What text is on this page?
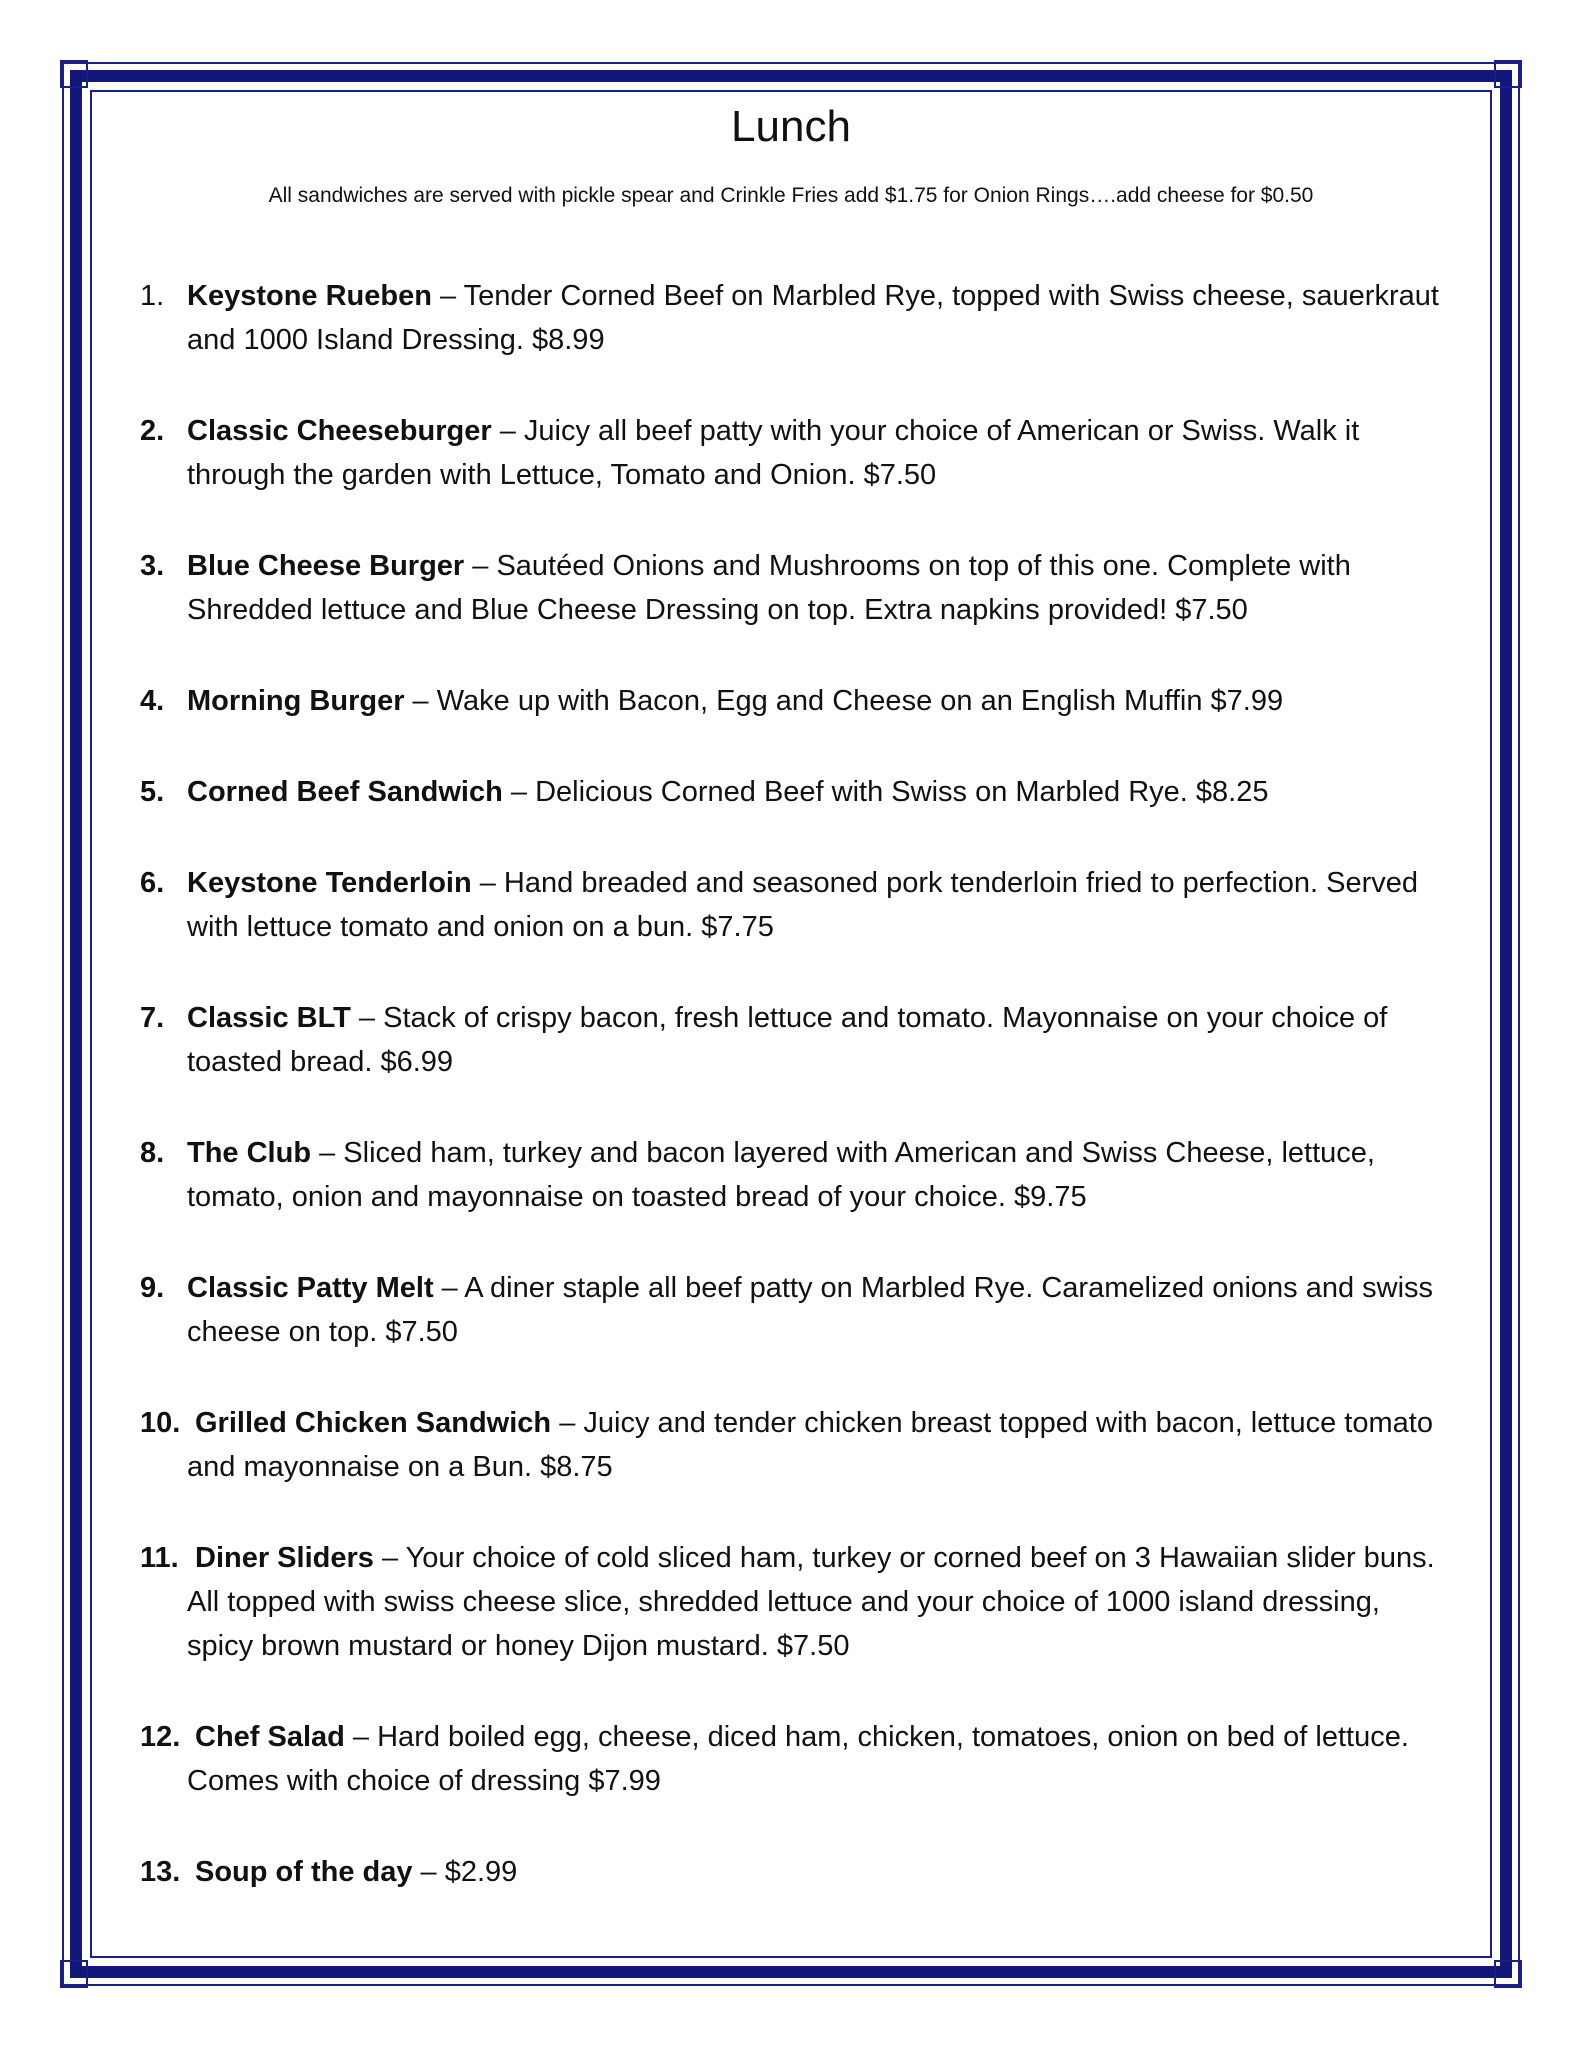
Lunch

All sandwiches are served with pickle spear and Crinkle Fries add $1.75 for Onion Rings….add cheese for $0.50

1. Keystone Rueben – Tender Corned Beef on Marbled Rye, topped with Swiss cheese, sauerkraut and 1000 Island Dressing. $8.99
2. Classic Cheeseburger – Juicy all beef patty with your choice of American or Swiss. Walk it through the garden with Lettuce, Tomato and Onion. $7.50
3. Blue Cheese Burger – Sautéed Onions and Mushrooms on top of this one. Complete with Shredded lettuce and Blue Cheese Dressing on top. Extra napkins provided! $7.50
4. Morning Burger – Wake up with Bacon, Egg and Cheese on an English Muffin $7.99
5. Corned Beef Sandwich – Delicious Corned Beef with Swiss on Marbled Rye. $8.25
6. Keystone Tenderloin – Hand breaded and seasoned pork tenderloin fried to perfection. Served with lettuce tomato and onion on a bun. $7.75
7. Classic BLT – Stack of crispy bacon, fresh lettuce and tomato. Mayonnaise on your choice of toasted bread. $6.99
8. The Club – Sliced ham, turkey and bacon layered with American and Swiss Cheese, lettuce, tomato, onion and mayonnaise on toasted bread of your choice. $9.75
9. Classic Patty Melt – A diner staple all beef patty on Marbled Rye. Caramelized onions and swiss cheese on top. $7.50
10. Grilled Chicken Sandwich – Juicy and tender chicken breast topped with bacon, lettuce tomato and mayonnaise on a Bun. $8.75
11. Diner Sliders – Your choice of cold sliced ham, turkey or corned beef on 3 Hawaiian slider buns. All topped with swiss cheese slice, shredded lettuce and your choice of 1000 island dressing, spicy brown mustard or honey Dijon mustard. $7.50
12. Chef Salad – Hard boiled egg, cheese, diced ham, chicken, tomatoes, onion on bed of lettuce. Comes with choice of dressing $7.99
13. Soup of the day – $2.99
